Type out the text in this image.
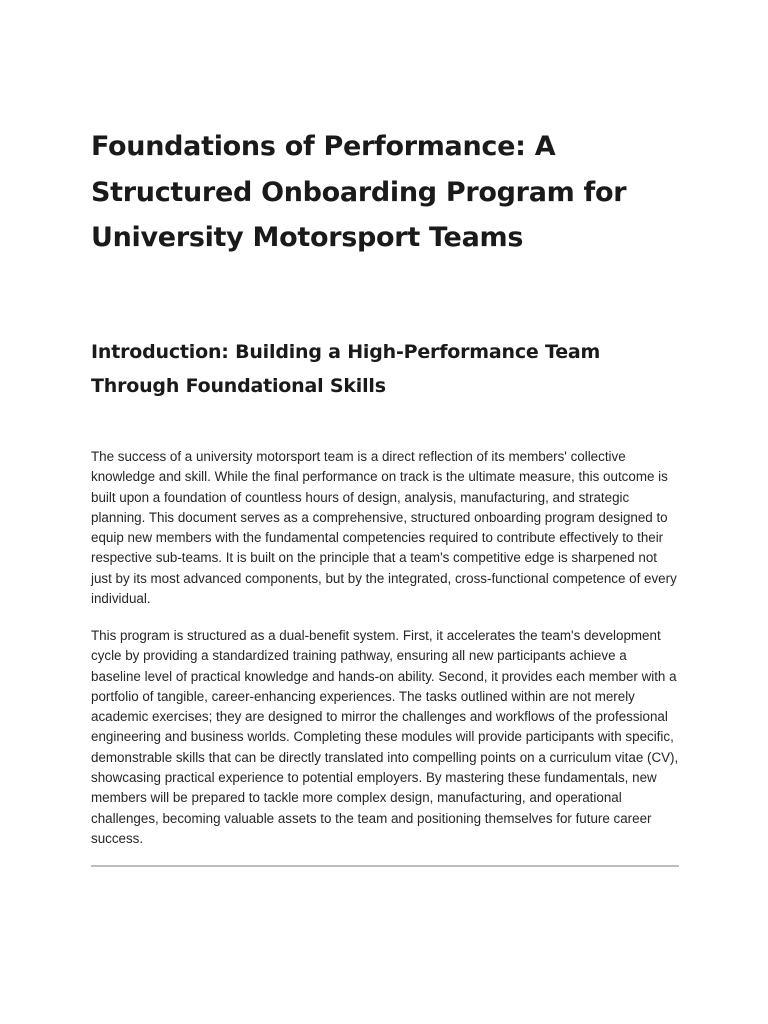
Foundations of Performance: A Structured Onboarding Program for University Motorsport Teams
Introduction: Building a High-Performance Team Through Foundational Skills

The success of a university motorsport team is a direct reflection of its members' collective knowledge and skill. While the final performance on track is the ultimate measure, this outcome is built upon a foundation of countless hours of design, analysis, manufacturing, and strategic planning. This document serves as a comprehensive, structured onboarding program designed to equip new members with the fundamental competencies required to contribute effectively to their respective sub-teams. It is built on the principle that a team's competitive edge is sharpened not just by its most advanced components, but by the integrated, cross-functional competence of every individual.

This program is structured as a dual-benefit system. First, it accelerates the team's development cycle by providing a standardized training pathway, ensuring all new participants achieve a baseline level of practical knowledge and hands-on ability. Second, it provides each member with a portfolio of tangible, career-enhancing experiences. The tasks outlined within are not merely academic exercises; they are designed to mirror the challenges and workflows of the professional engineering and business worlds. Completing these modules will provide participants with specific, demonstrable skills that can be directly translated into compelling points on a curriculum vitae (CV), showcasing practical experience to potential employers. By mastering these fundamentals, new members will be prepared to tackle more complex design, manufacturing, and operational challenges, becoming valuable assets to the team and positioning themselves for future career success.
